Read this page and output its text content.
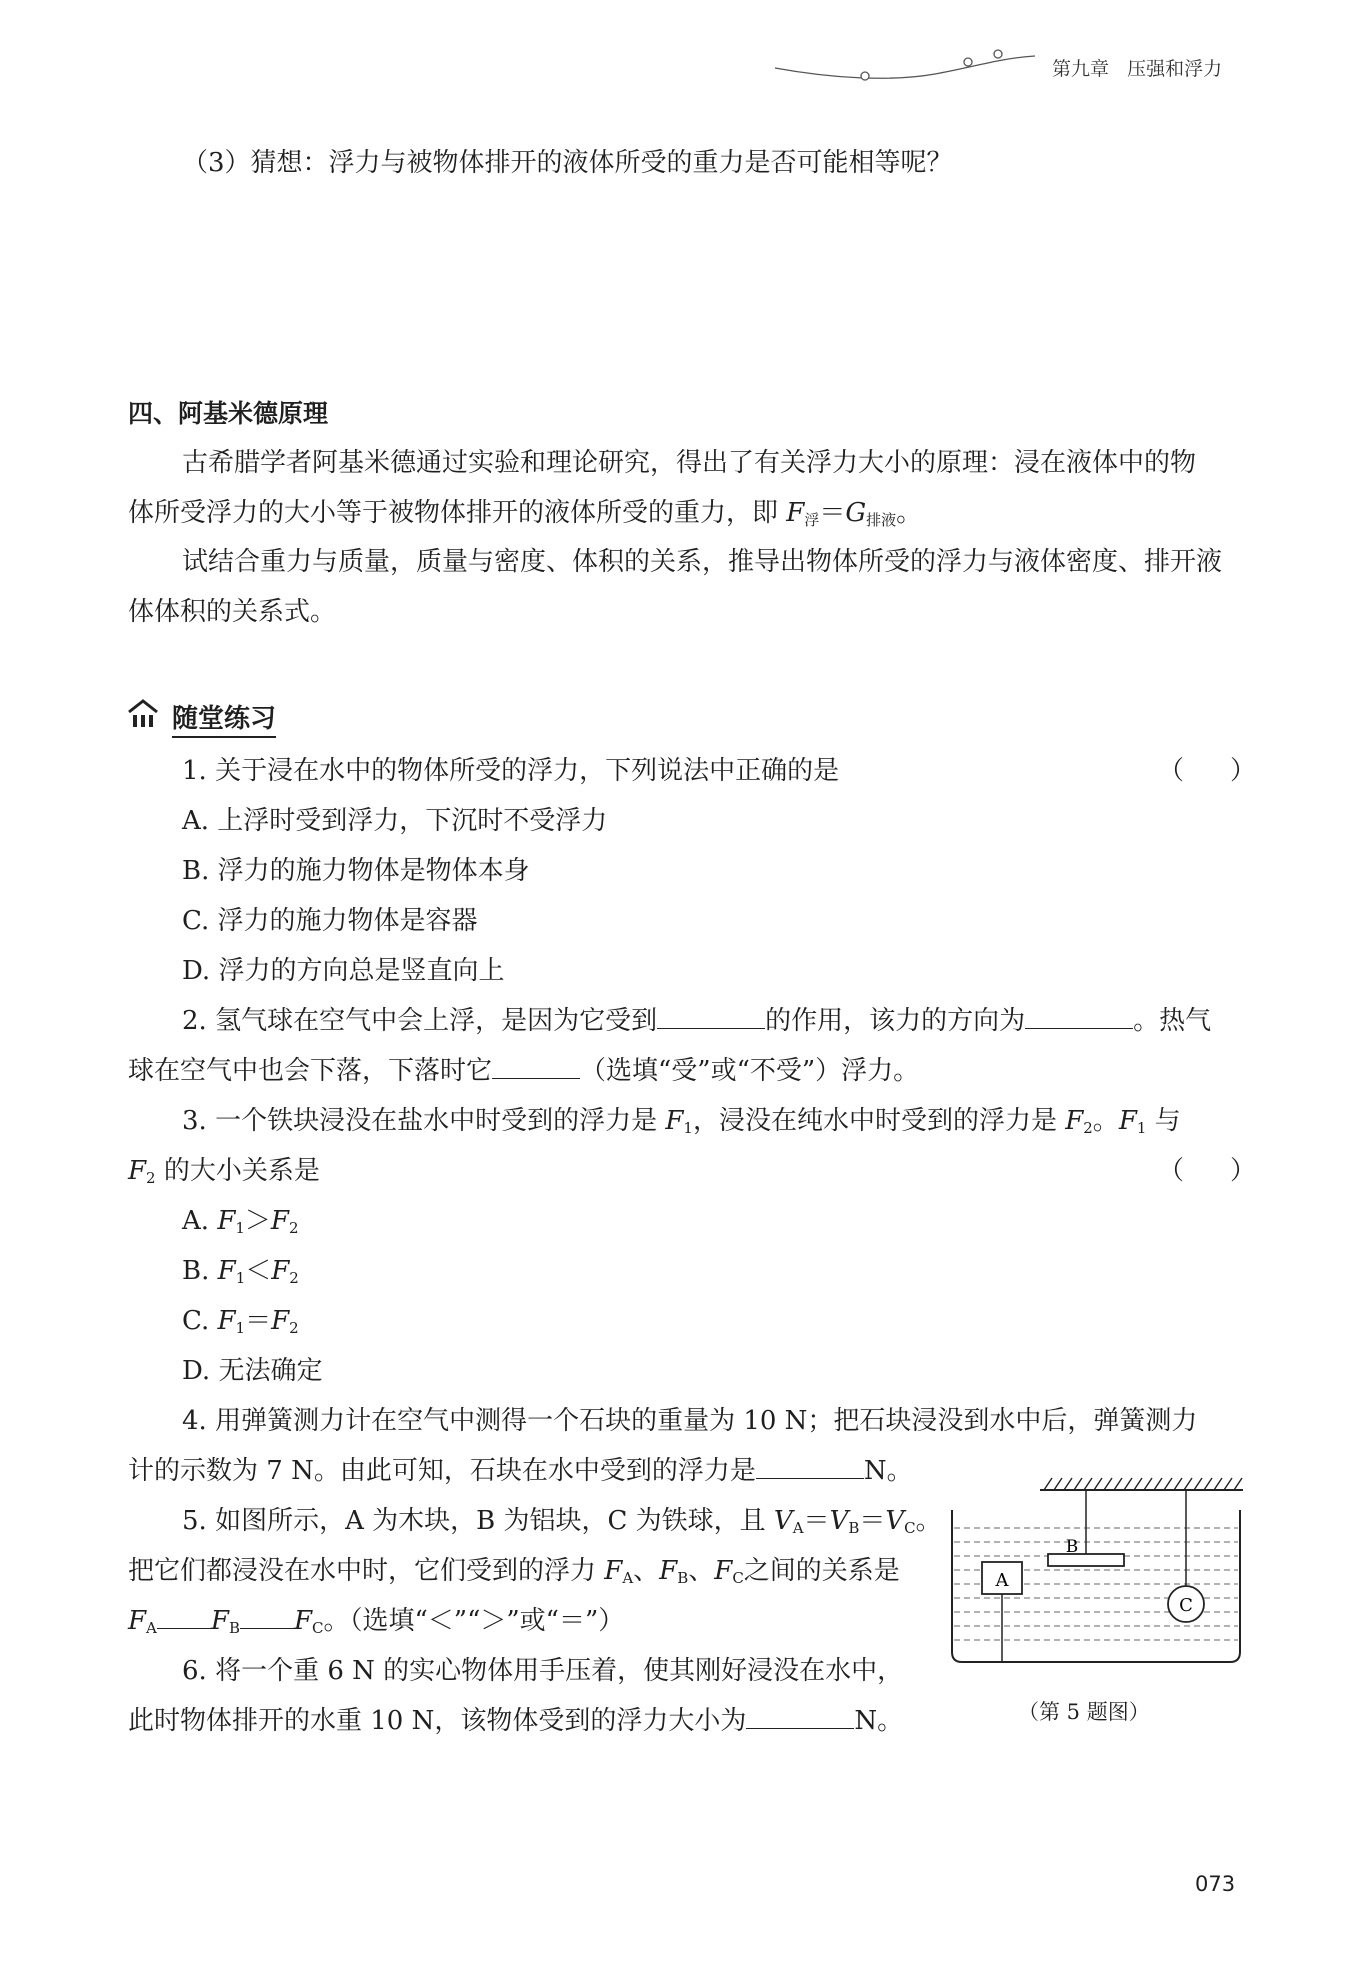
第九章 压强和浮力
（3）猜想：浮力与被物体排开的液体所受的重力是否可能相等呢？
四、阿基米德原理
古希腊学者阿基米德通过实验和理论研究，得出了有关浮力大小的原理：浸在液体中的物
体所受浮力的大小等于被物体排开的液体所受的重力，即 $F_浮=G_{排液}$。
试结合重力与质量，质量与密度、体积的关系，推导出物体所受的浮力与液体密度、排开液
体体积的关系式。
随堂练习
1. 关于浸在水中的物体所受的浮力，下列说法中正确的是	（ ）
A. 上浮时受到浮力，下沉时不受浮力
B. 浮力的施力物体是物体本身
C. 浮力的施力物体是容器
D. 浮力的方向总是竖直向上
2. 氢气球在空气中会上浮，是因为它受到	的作用，该力的方向为	。热气
球在空气中也会下落，下落时它	（选填“受”或“不受”）浮力。
3. 一个铁块浸没在盐水中时受到的浮力是 $F_1$，浸没在纯水中时受到的浮力是 $F_2$。$F_1$ 与
$F_2$ 的大小关系是	（ ）
A. $F_1>F_2$
B. $F_1<F_2$
C. $F_1=F_2$
D. 无法确定
4. 用弹簧测力计在空气中测得一个石块的重量为 10 N；把石块浸没到水中后，弹簧测力
计的示数为 7 N。由此可知，石块在水中受到的浮力是	N。
5. 如图所示，A 为木块，B 为铝块，C 为铁球，且 $V_A=V_B=V_C$。
把它们都浸没在水中时，它们受到的浮力 $F_A$、$F_B$、$F_C$之间的关系是
$F_A$ $F_B$ $F_C$。（选填“＜”“＞”或“＝”）
A
B
C
（第 5 题图）
6. 将一个重 6 N 的实心物体用手压着，使其刚好浸没在水中，
此时物体排开的水重 10 N，该物体受到的浮力大小为	N。
073
